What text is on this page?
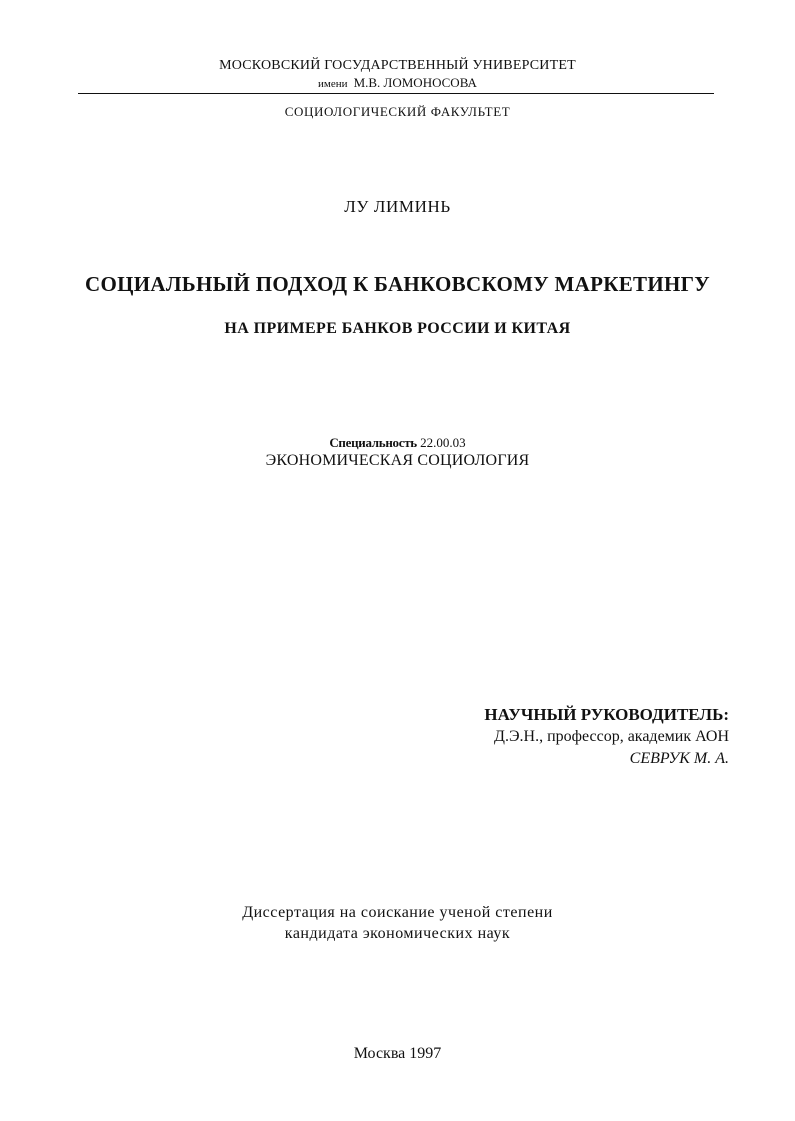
МОСКОВСКИЙ ГОСУДАРСТВЕННЫЙ УНИВЕРСИТЕТ
имени М.В. ЛОМОНОСОВА
СОЦИОЛОГИЧЕСКИЙ ФАКУЛЬТЕТ
ЛУ ЛИМИНЬ
СОЦИАЛЬНЫЙ ПОДХОД К БАНКОВСКОМУ МАРКЕТИНГУ
НА ПРИМЕРЕ БАНКОВ РОССИИ И КИТАЯ
Специальность 22.00.03
ЭКОНОМИЧЕСКАЯ СОЦИОЛОГИЯ
НАУЧНЫЙ РУКОВОДИТЕЛЬ:
Д.Э.Н., профессор, академик АОН
СЕВРУК М. А.
Диссертация на соискание ученой степени
кандидата экономических наук
Москва 1997
